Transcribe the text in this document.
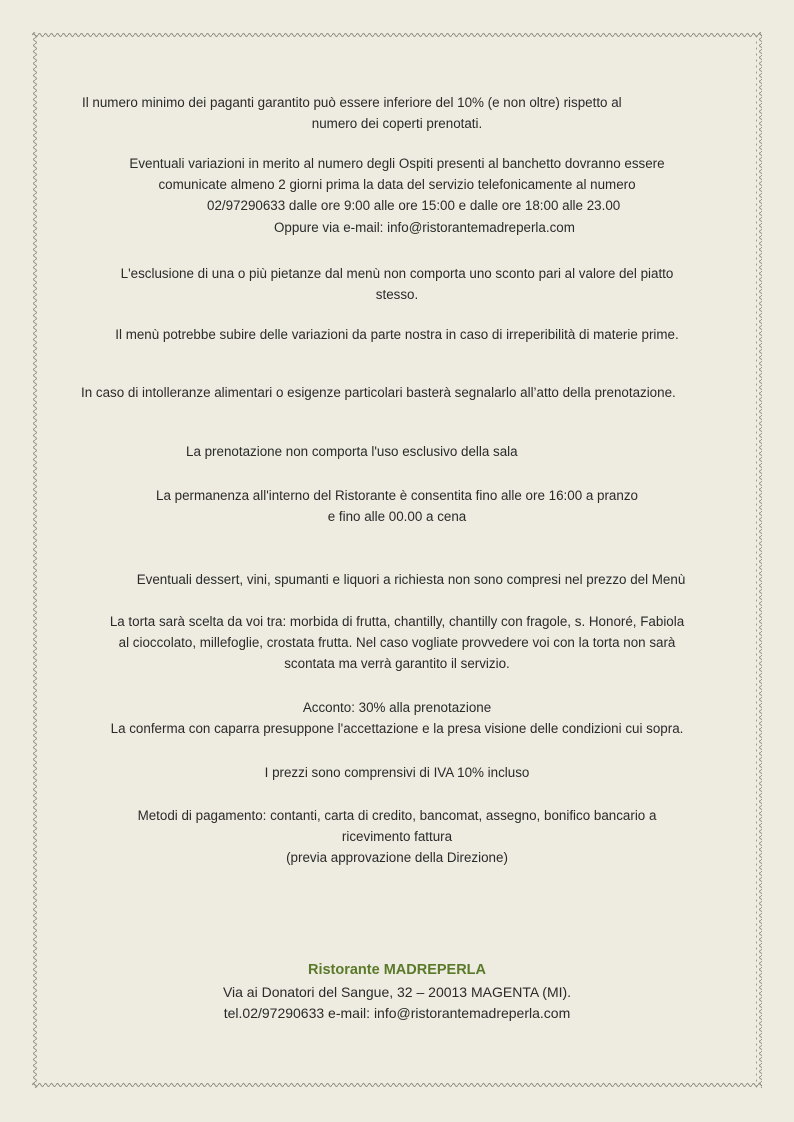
Il numero minimo dei paganti garantito può essere inferiore del 10% (e non oltre) rispetto al

numero dei coperti prenotati.

Eventuali variazioni in merito al numero degli Ospiti presenti al banchetto dovranno essere

comunicate almeno 2 giorni prima la data del servizio telefonicamente al numero

02/97290633 dalle ore 9:00 alle ore 15:00 e dalle ore 18:00 alle 23.00

Oppure via e-mail: info@ristorantemadreperla.com

L'esclusione di una o più pietanze dal menù non comporta uno sconto pari al valore del piatto

stesso.

Il menù potrebbe subire delle variazioni da parte nostra in caso di irreperibilità di materie prime.

In caso di intolleranze alimentari o esigenze particolari basterà segnalarlo all’atto della prenotazione.

La prenotazione non comporta l'uso esclusivo della sala

La permanenza all'interno del Ristorante è consentita fino alle ore 16:00 a pranzo

e fino alle 00.00 a cena

Eventuali dessert, vini, spumanti e liquori a richiesta non sono compresi nel prezzo del Menù

La torta sarà scelta da voi tra: morbida di frutta, chantilly, chantilly con fragole, s. Honoré, Fabiola

al cioccolato, millefoglie, crostata frutta. Nel caso vogliate provvedere voi con la torta non sarà

scontata ma verrà garantito il servizio.

Acconto: 30% alla prenotazione

La conferma con caparra presuppone l'accettazione e la presa visione delle condizioni cui sopra.

I prezzi sono comprensivi di IVA 10% incluso

Metodi di pagamento: contanti, carta di credito, bancomat, assegno, bonifico bancario a

ricevimento fattura

(previa approvazione della Direzione)

Ristorante MADREPERLA
Via ai Donatori del Sangue, 32 – 20013 MAGENTA (MI).
tel.02/97290633 e-mail: info@ristorantemadreperla.com
